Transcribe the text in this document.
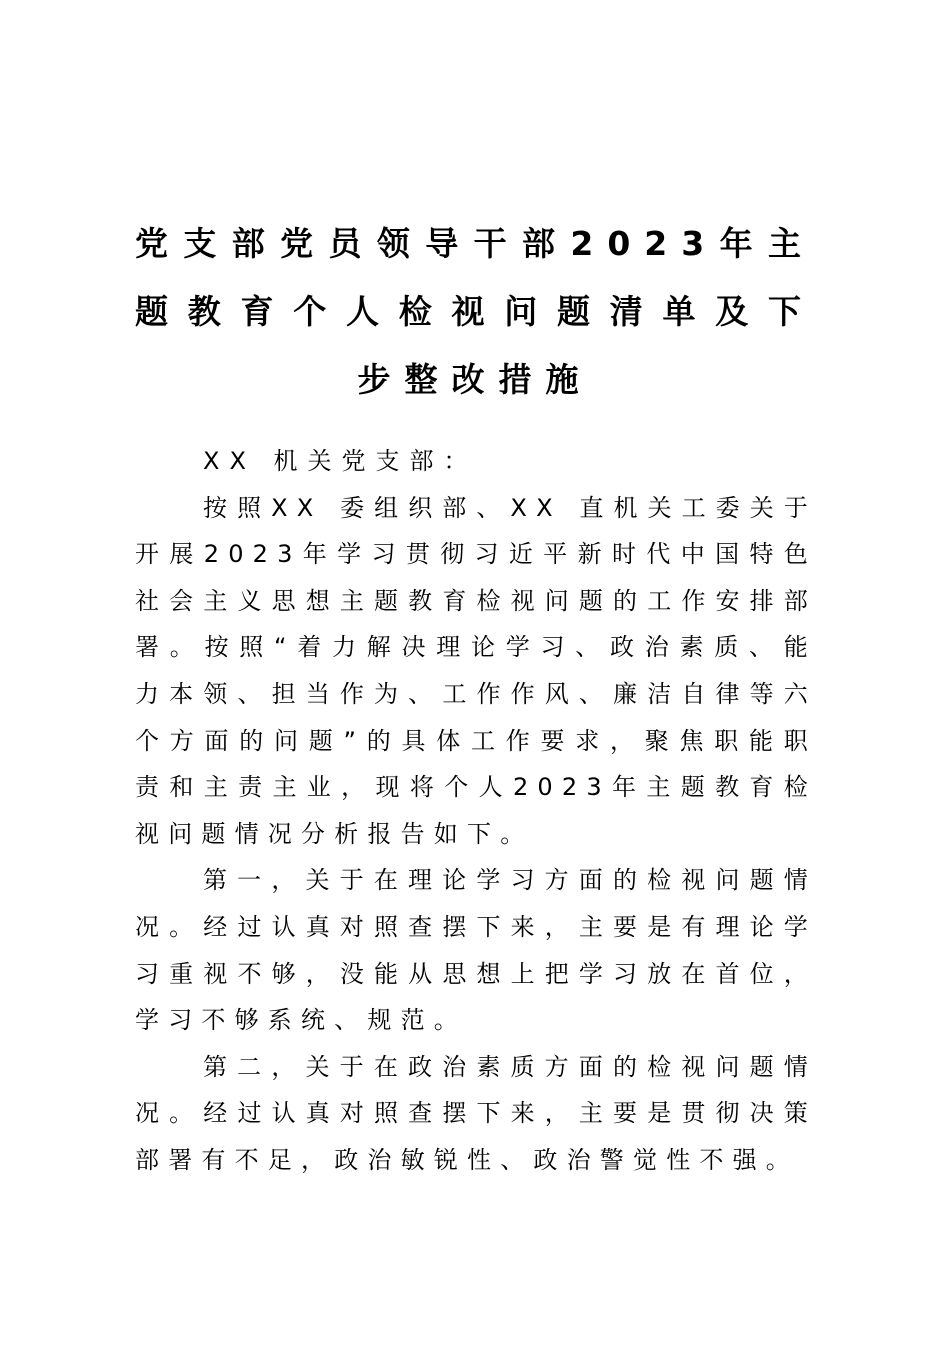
党支部党员领导干部2023年主
题教育个人检视问题清单及下
步整改措施

XX 机关党支部：

按照XX 委组织部、XX 直机关工委关于开展2023年学习贯彻习近平新时代中国特色社会主义思想主题教育检视问题的工作安排部署。按照“着力解决理论学习、政治素质、能力本领、担当作为、工作作风、廉洁自律等六个方面的问题”的具体工作要求，聚焦职能职责和主责主业，现将个人2023年主题教育检视问题情况分析报告如下。

第一，关于在理论学习方面的检视问题情况。经过认真对照查摆下来，主要是有理论学习重视不够，没能从思想上把学习放在首位，学习不够系统、规范。

第二，关于在政治素质方面的检视问题情况。经过认真对照查摆下来，主要是贯彻决策部署有不足，政治敏锐性、政治警觉性不强。
